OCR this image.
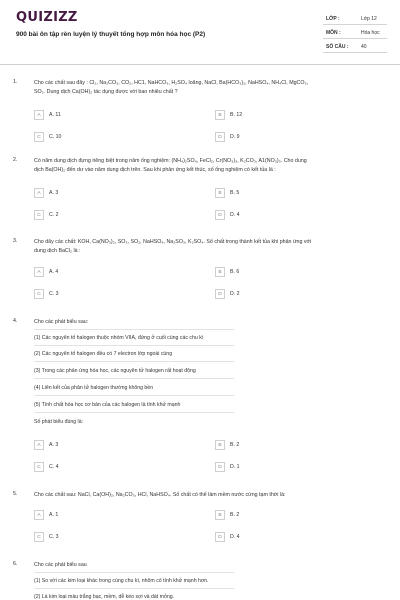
QUIZIZZ
900 bài ôn tập rèn luyện lý thuyết tổng hợp môn hóa học (P2)
LỚP :	Lớp 12
MÔN :	Hóa học
SỐ CÂU :	40
1.	Cho các chất sau đây : Cl₂, Na₂CO₃, CO₂, HC1, NaHCO₃, H₂SO₄ loãng, NaCl, Ba(HCO₃)₂, NaHSO₄, NH₄Cl, MgCO₃,
SO₂. Dung dịch Ca(OH)₂ tác dụng được với bao nhiêu chất ?
A	A. 11	B	B. 12
C	C. 10	D	D. 9
2.	Có năm dung dịch đựng riêng biệt trong năm ống nghiệm: (NH₄)₂SO₄, FeCl₂, Cr(NO₃)₃, K₂CO₃, A1(NO₃)₃. Cho dung
dịch Ba(OH)₂ đến dư vào năm dung dịch trên. Sau khi phản ứng kết thúc, số ống nghiệm có kết tủa là :
A	A. 3	B	B. 5
C	C. 2	D	D. 4
3.	Cho dãy các chất: KOH, Ca(NO₃)₂, SO₃, SO₂, NaHSO₄, Na₂SO₃, K₂SO₄. Số chất trong thành kết tủa khi phản ứng với
dung dịch BaCl₂ là :
A	A. 4	B	B. 6
C	C. 3	D	D. 2
4.	Cho các phát biểu sau:
(1) Các nguyên tố halogen thuộc nhóm VIIA, đứng ở cuối cùng các chu kì
(2) Các nguyên tố halogen đều có 7 electron lớp ngoài cùng
(3) Trong các phản ứng hóa học, các nguyên tử halogen rất hoạt động
(4) Liên kết của phân tử halogen thường không bền
(5) Tính chất hóa học cơ bản của các halogen là tính khử mạnh
Số phát biểu đúng là:
A	A. 3	B	B. 2
C	C. 4	D	D. 1
5.	Cho các chất sau: NaCl, Ca(OH)₂, Na₂CO₃, HCl, NaHSO₄. Số chất có thể làm mềm nước cứng tạm thời là:
A	A. 1	B	B. 2
C	C. 3	D	D. 4
6.	Cho các phát biểu sau
(1) So với các kim loại khác trong cùng chu kì, nhôm có tính khử mạnh hơn.
(2) Là kim loại màu trắng bạc, mềm, dễ kéo sợi và dát mỏng.
